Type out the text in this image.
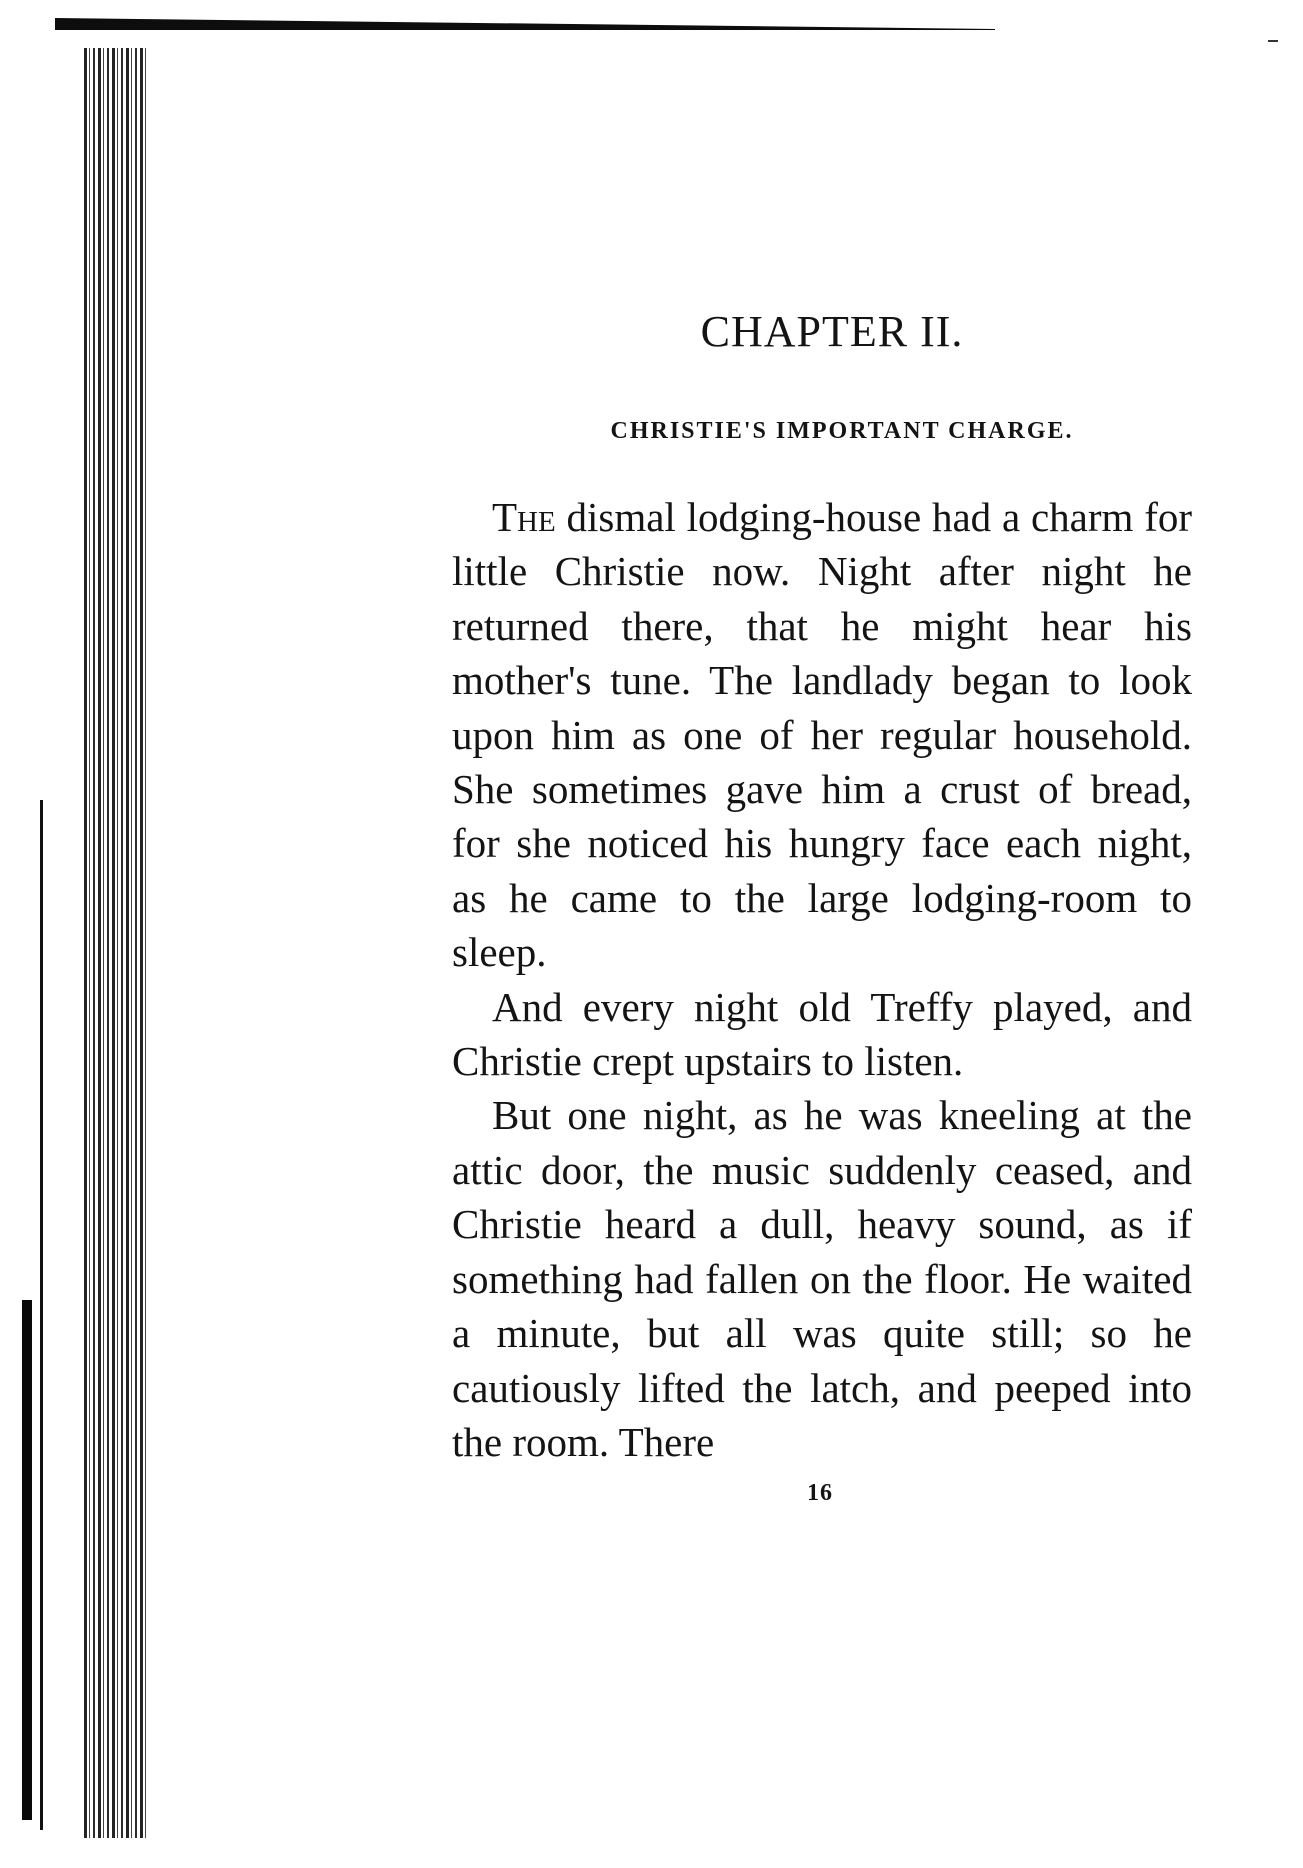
CHAPTER II.
CHRISTIE'S IMPORTANT CHARGE.

The dismal lodging-house had a charm for little Christie now. Night after night he returned there, that he might hear his mother's tune. The landlady began to look upon him as one of her regular household. She sometimes gave him a crust of bread, for she noticed his hungry face each night, as he came to the large lodging-room to sleep.

And every night old Treffy played, and Christie crept upstairs to listen.

But one night, as he was kneeling at the attic door, the music suddenly ceased, and Christie heard a dull, heavy sound, as if something had fallen on the floor. He waited a minute, but all was quite still; so he cautiously lifted the latch, and peeped into the room. There

16
